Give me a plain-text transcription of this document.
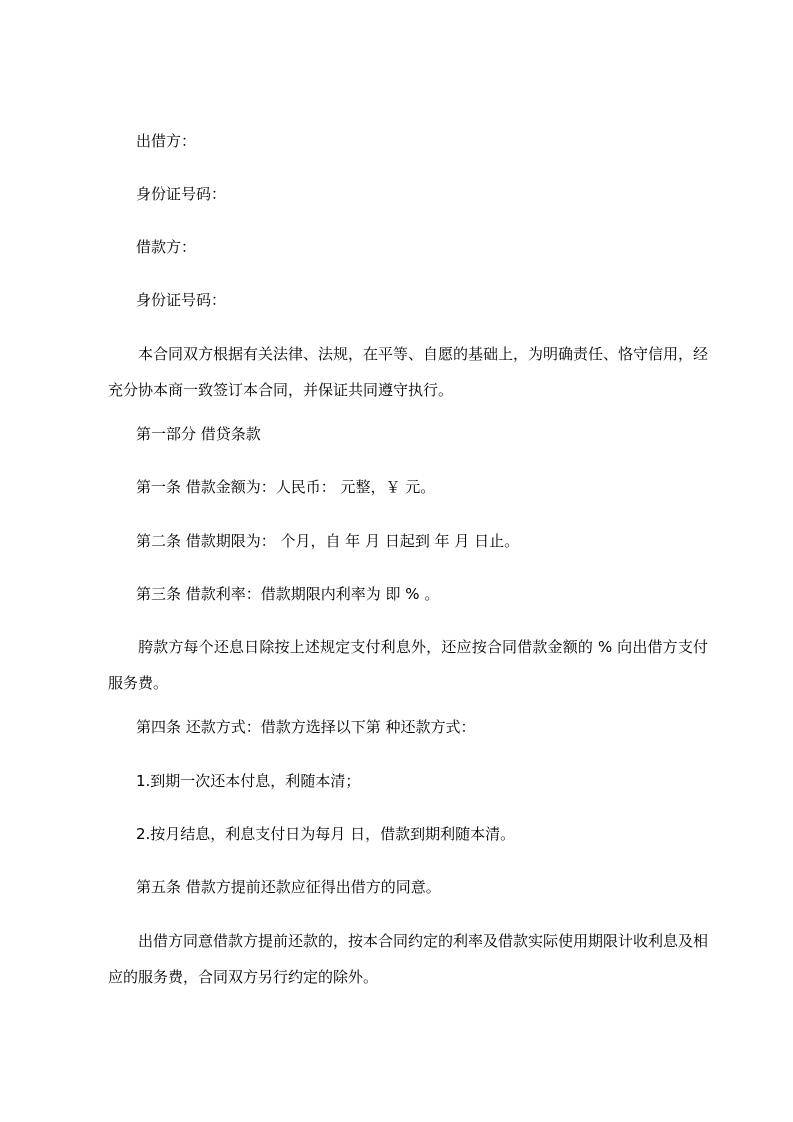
出借方：
身份证号码：
借款方：
身份证号码：
本合同双方根据有关法律、法规，在平等、自愿的基础上，为明确责任、恪守信用，经充分协本商一致签订本合同，并保证共同遵守执行。
第一部分 借贷条款
第一条 借款金额为：人民币： 元整，￥ 元。
第二条 借款期限为： 个月，自 年 月 日起到 年 月 日止。
第三条 借款利率：借款期限内利率为 即 % 。
胯款方每个还息日除按上述规定支付利息外，还应按合同借款金额的 % 向出借方支付服务费。
第四条 还款方式：借款方选择以下第 种还款方式：
1.到期一次还本付息，利随本清；
2.按月结息，利息支付日为每月 日，借款到期利随本清。
第五条 借款方提前还款应征得出借方的同意。
出借方同意借款方提前还款的，按本合同约定的利率及借款实际使用期限计收利息及相应的服务费，合同双方另行约定的除外。
